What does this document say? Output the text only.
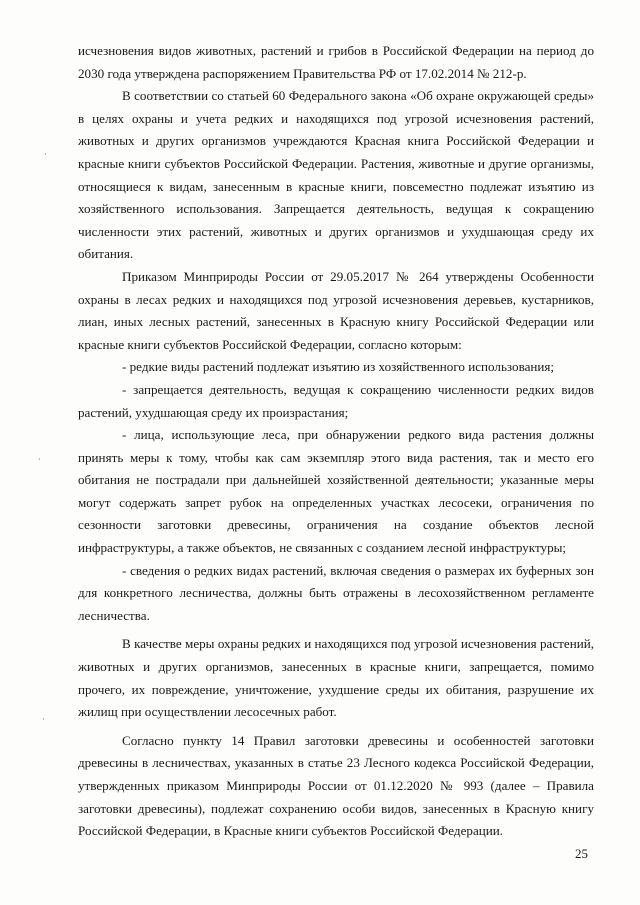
исчезновения видов животных, растений и грибов в Российской Федерации на период до 2030 года утверждена распоряжением Правительства РФ от 17.02.2014 № 212-р.

В соответствии со статьей 60 Федерального закона «Об охране окружающей среды» в целях охраны и учета редких и находящихся под угрозой исчезновения растений, животных и других организмов учреждаются Красная книга Российской Федерации и красные книги субъектов Российской Федерации. Растения, животные и другие организмы, относящиеся к видам, занесенным в красные книги, повсеместно подлежат изъятию из хозяйственного использования. Запрещается деятельность, ведущая к сокращению численности этих растений, животных и других организмов и ухудшающая среду их обитания.

Приказом Минприроды России от 29.05.2017 № 264 утверждены Особенности охраны в лесах редких и находящихся под угрозой исчезновения деревьев, кустарников, лиан, иных лесных растений, занесенных в Красную книгу Российской Федерации или красные книги субъектов Российской Федерации, согласно которым:

- редкие виды растений подлежат изъятию из хозяйственного использования;

- запрещается деятельность, ведущая к сокращению численности редких видов растений, ухудшающая среду их произрастания;

- лица, использующие леса, при обнаружении редкого вида растения должны принять меры к тому, чтобы как сам экземпляр этого вида растения, так и место его обитания не пострадали при дальнейшей хозяйственной деятельности; указанные меры могут содержать запрет рубок на определенных участках лесосеки, ограничения по сезонности заготовки древесины, ограничения на создание объектов лесной инфраструктуры, а также объектов, не связанных с созданием лесной инфраструктуры;

- сведения о редких видах растений, включая сведения о размерах их буферных зон для конкретного лесничества, должны быть отражены в лесохозяйственном регламенте лесничества.

В качестве меры охраны редких и находящихся под угрозой исчезновения растений, животных и других организмов, занесенных в красные книги, запрещается, помимо прочего, их повреждение, уничтожение, ухудшение среды их обитания, разрушение их жилищ при осуществлении лесосечных работ.

Согласно пункту 14 Правил заготовки древесины и особенностей заготовки древесины в лесничествах, указанных в статье 23 Лесного кодекса Российской Федерации, утвержденных приказом Минприроды России от 01.12.2020 № 993 (далее – Правила заготовки древесины), подлежат сохранению особи видов, занесенных в Красную книгу Российской Федерации, в Красные книги субъектов Российской Федерации.

25
·
·
·
